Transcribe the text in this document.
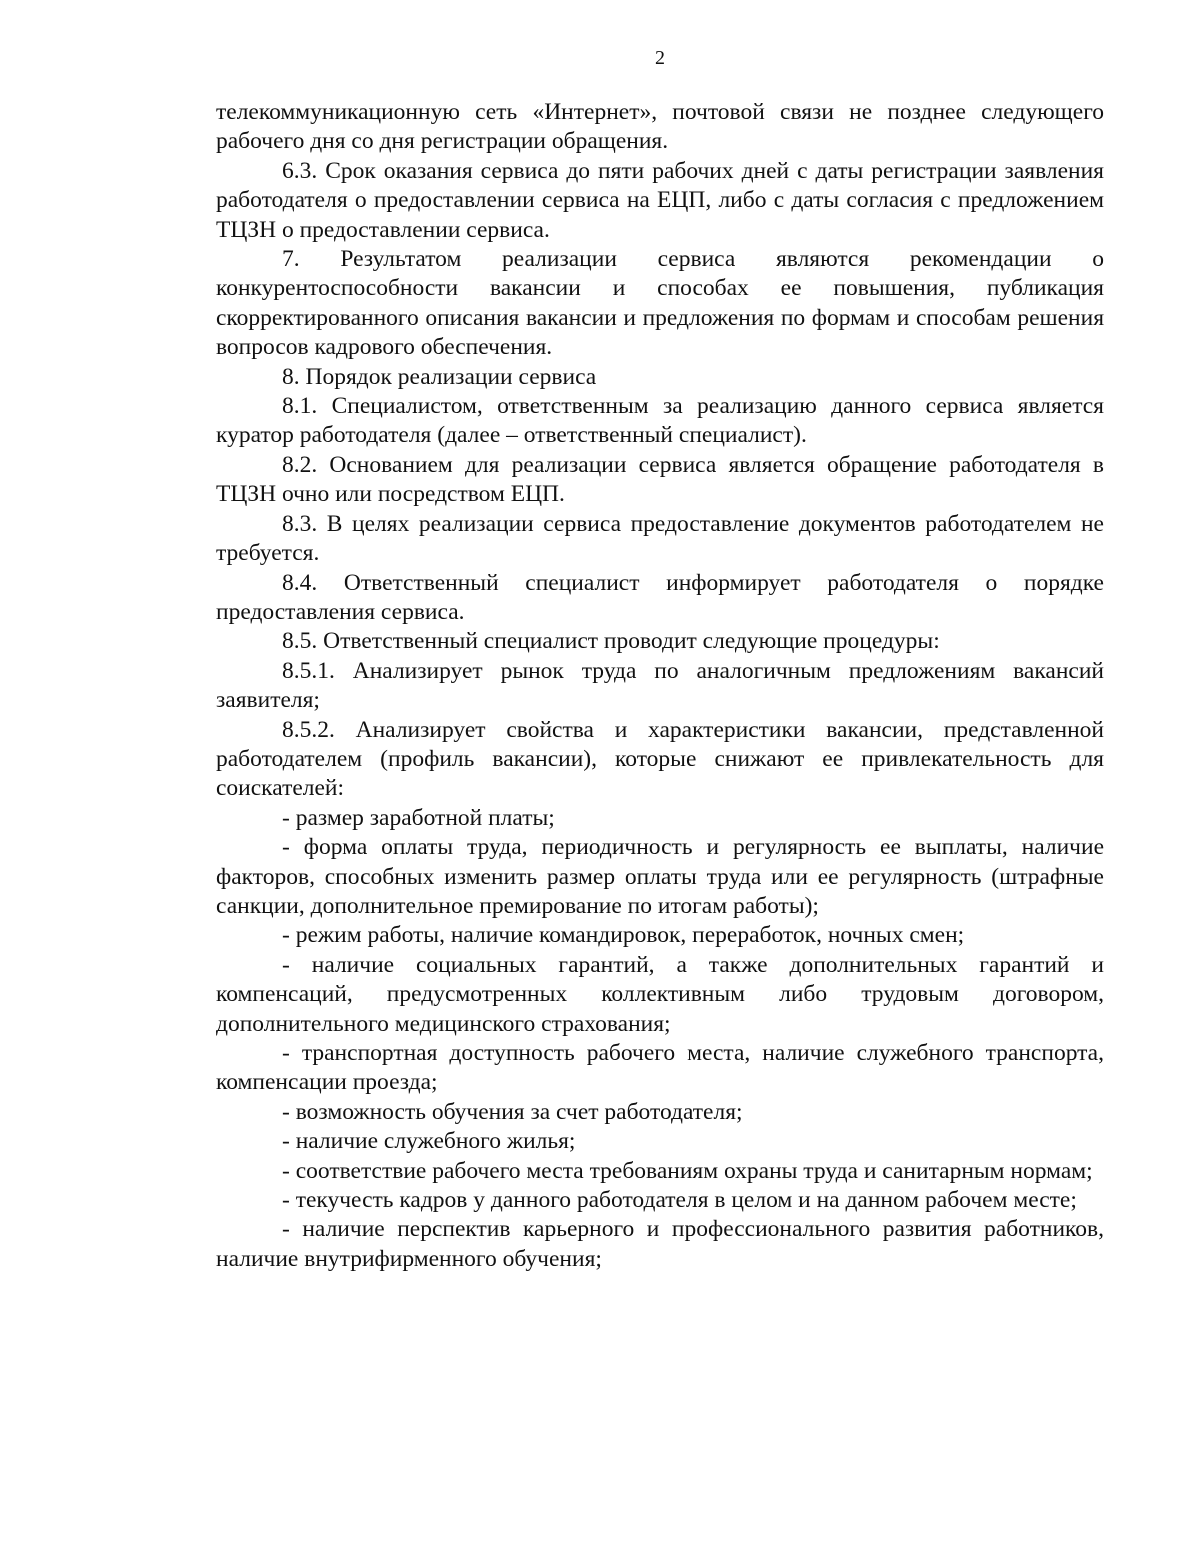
2

телекоммуникационную сеть «Интернет», почтовой связи не позднее следующего рабочего дня со дня регистрации обращения.

6.3. Срок оказания сервиса до пяти рабочих дней с даты регистрации заявления работодателя о предоставлении сервиса на ЕЦП, либо с даты согласия с предложением ТЦЗН о предоставлении сервиса.

7. Результатом реализации сервиса являются рекомендации о конкурентоспособности вакансии и способах ее повышения, публикация скорректированного описания вакансии и предложения по формам и способам решения вопросов кадрового обеспечения.

8. Порядок реализации сервиса

8.1. Специалистом, ответственным за реализацию данного сервиса является куратор работодателя (далее – ответственный специалист).

8.2. Основанием для реализации сервиса является обращение работодателя в ТЦЗН очно или посредством ЕЦП.

8.3. В целях реализации сервиса предоставление документов работодателем не требуется.

8.4. Ответственный специалист информирует работодателя о порядке предоставления сервиса.

8.5. Ответственный специалист проводит следующие процедуры:

8.5.1. Анализирует рынок труда по аналогичным предложениям вакансий заявителя;

8.5.2. Анализирует свойства и характеристики вакансии, представленной работодателем (профиль вакансии), которые снижают ее привлекательность для соискателей:

- размер заработной платы;

- форма оплаты труда, периодичность и регулярность ее выплаты, наличие факторов, способных изменить размер оплаты труда или ее регулярность (штрафные санкции, дополнительное премирование по итогам работы);

- режим работы, наличие командировок, переработок, ночных смен;

- наличие социальных гарантий, а также дополнительных гарантий и компенсаций, предусмотренных коллективным либо трудовым договором, дополнительного медицинского страхования;

- транспортная доступность рабочего места, наличие служебного транспорта, компенсации проезда;

- возможность обучения за счет работодателя;

- наличие служебного жилья;

- соответствие рабочего места требованиям охраны труда и санитарным нормам;

- текучесть кадров у данного работодателя в целом и на данном рабочем месте;

- наличие перспектив карьерного и профессионального развития работников, наличие внутрифирменного обучения;
